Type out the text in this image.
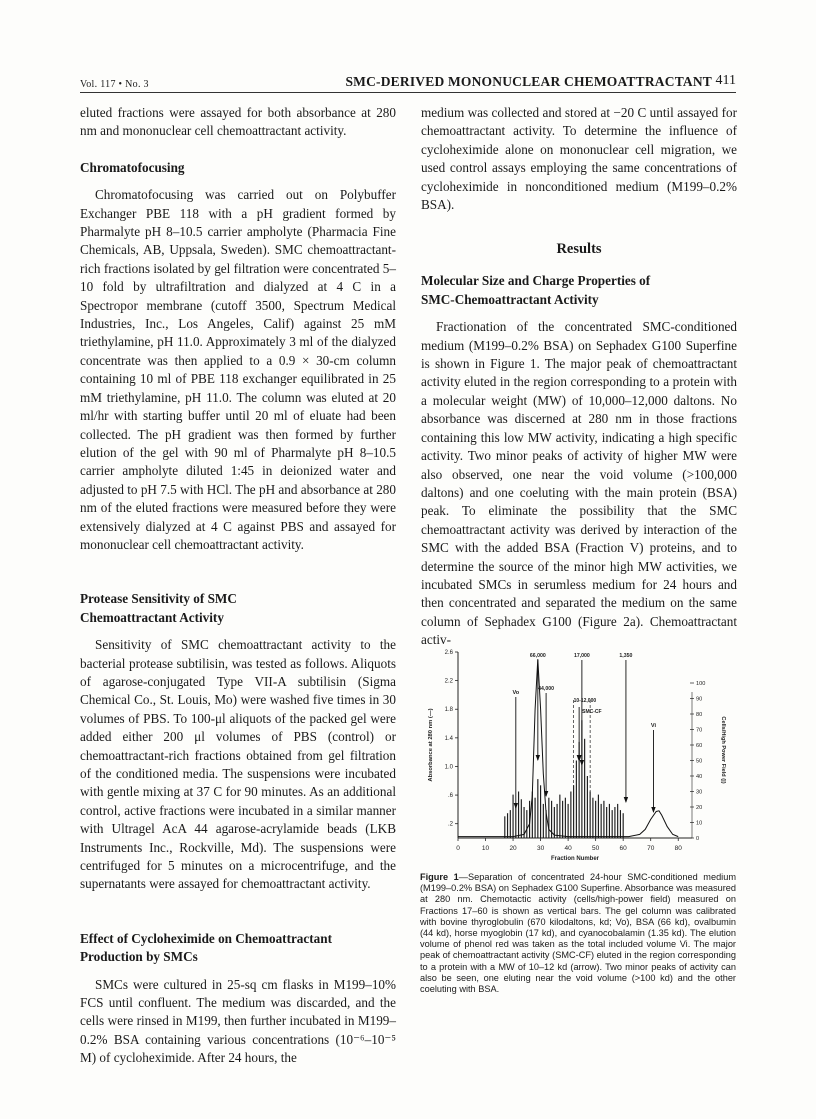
Vol. 117 • No. 3	SMC-DERIVED MONONUCLEAR CHEMOATTRACTANT 411

eluted fractions were assayed for both absorbance at 280 nm and mononuclear cell chemoattractant activity.

Chromatofocusing

Chromatofocusing was carried out on Polybuffer Exchanger PBE 118 with a pH gradient formed by Pharmalyte pH 8–10.5 carrier ampholyte (Pharmacia Fine Chemicals, AB, Uppsala, Sweden). SMC chemoattractant-rich fractions isolated by gel filtration were concentrated 5–10 fold by ultrafiltration and dialyzed at 4 C in a Spectropor membrane (cutoff 3500, Spectrum Medical Industries, Inc., Los Angeles, Calif) against 25 mM triethylamine, pH 11.0. Approximately 3 ml of the dialyzed concentrate was then applied to a 0.9 × 30-cm column containing 10 ml of PBE 118 exchanger equilibrated in 25 mM triethylamine, pH 11.0. The column was eluted at 20 ml/hr with starting buffer until 20 ml of eluate had been collected. The pH gradient was then formed by further elution of the gel with 90 ml of Pharmalyte pH 8–10.5 carrier ampholyte diluted 1:45 in deionized water and adjusted to pH 7.5 with HCl. The pH and absorbance at 280 nm of the eluted fractions were measured before they were extensively dialyzed at 4 C against PBS and assayed for mononuclear cell chemoattractant activity.

Protease Sensitivity of SMC
Chemoattractant Activity

Sensitivity of SMC chemoattractant activity to the bacterial protease subtilisin, was tested as follows. Aliquots of agarose-conjugated Type VII-A subtilisin (Sigma Chemical Co., St. Louis, Mo) were washed five times in 30 volumes of PBS. To 100-μl aliquots of the packed gel were added either 200 μl volumes of PBS (control) or chemoattractant-rich fractions obtained from gel filtration of the conditioned media. The suspensions were incubated with gentle mixing at 37 C for 90 minutes. As an additional control, active fractions were incubated in a similar manner with Ultragel AcA 44 agarose-acrylamide beads (LKB Instruments Inc., Rockville, Md). The suspensions were centrifuged for 5 minutes on a microcentrifuge, and the supernatants were assayed for chemoattractant activity.

Effect of Cycloheximide on Chemoattractant
Production by SMCs

SMCs were cultured in 25-sq cm flasks in M199–10% FCS until confluent. The medium was discarded, and the cells were rinsed in M199, then further incubated in M199–0.2% BSA containing various concentrations (10⁻⁶–10⁻⁵ M) of cycloheximide. After 24 hours, the

medium was collected and stored at −20 C until assayed for chemoattractant activity. To determine the influence of cycloheximide alone on mononuclear cell migration, we used control assays employing the same concentrations of cycloheximide in nonconditioned medium (M199–0.2% BSA).

Results
Molecular Size and Charge Properties of
SMC-Chemoattractant Activity

Fractionation of the concentrated SMC-conditioned medium (M199–0.2% BSA) on Sephadex G100 Superfine is shown in Figure 1. The major peak of chemoattractant activity eluted in the region corresponding to a protein with a molecular weight (MW) of 10,000–12,000 daltons. No absorbance was discerned at 280 nm in those fractions containing this low MW activity, indicating a high specific activity. Two minor peaks of activity of higher MW were also observed, one near the void volume (>100,000 daltons) and one coeluting with the main protein (BSA) peak. To eliminate the possibility that the SMC chemoattractant activity was derived by interaction of the SMC with the added BSA (Fraction V) proteins, and to determine the source of the minor high MW activities, we incubated SMCs in serumless medium for 24 hours and then concentrated and separated the medium on the same column of Sephadex G100 (Figure 2a). Chemoattractant activ-

0	10	20	30	40	50	60	70	80
Fraction Number
2.6
2.2
1.8
1.4
1.0
.6
.2
Absorbance at 280 nm (—)
100
90
80
70
60
50
40
30
20
10
0
Cells/High Power Field (|)
10-12,000
SMC-CF
66,000	17,000	1,350
44,000
Vo
Vi
Figure 1—Separation of concentrated 24-hour SMC-conditioned medium (M199–0.2% BSA) on Sephadex G100 Superfine. Absorbance was measured at 280 nm. Chemotactic activity (cells/high-power field) measured on Fractions 17–60 is shown as vertical bars. The gel column was calibrated with bovine thyroglobulin (670 kilodaltons, kd; Vo), BSA (66 kd), ovalbumin (44 kd), horse myoglobin (17 kd), and cyanocobalamin (1.35 kd). The elution volume of phenol red was taken as the total included volume Vi. The major peak of chemoattractant activity (SMC-CF) eluted in the region corresponding to a protein with a MW of 10–12 kd (arrow). Two minor peaks of activity can also be seen, one eluting near the void volume (>100 kd) and the other coeluting with BSA.
